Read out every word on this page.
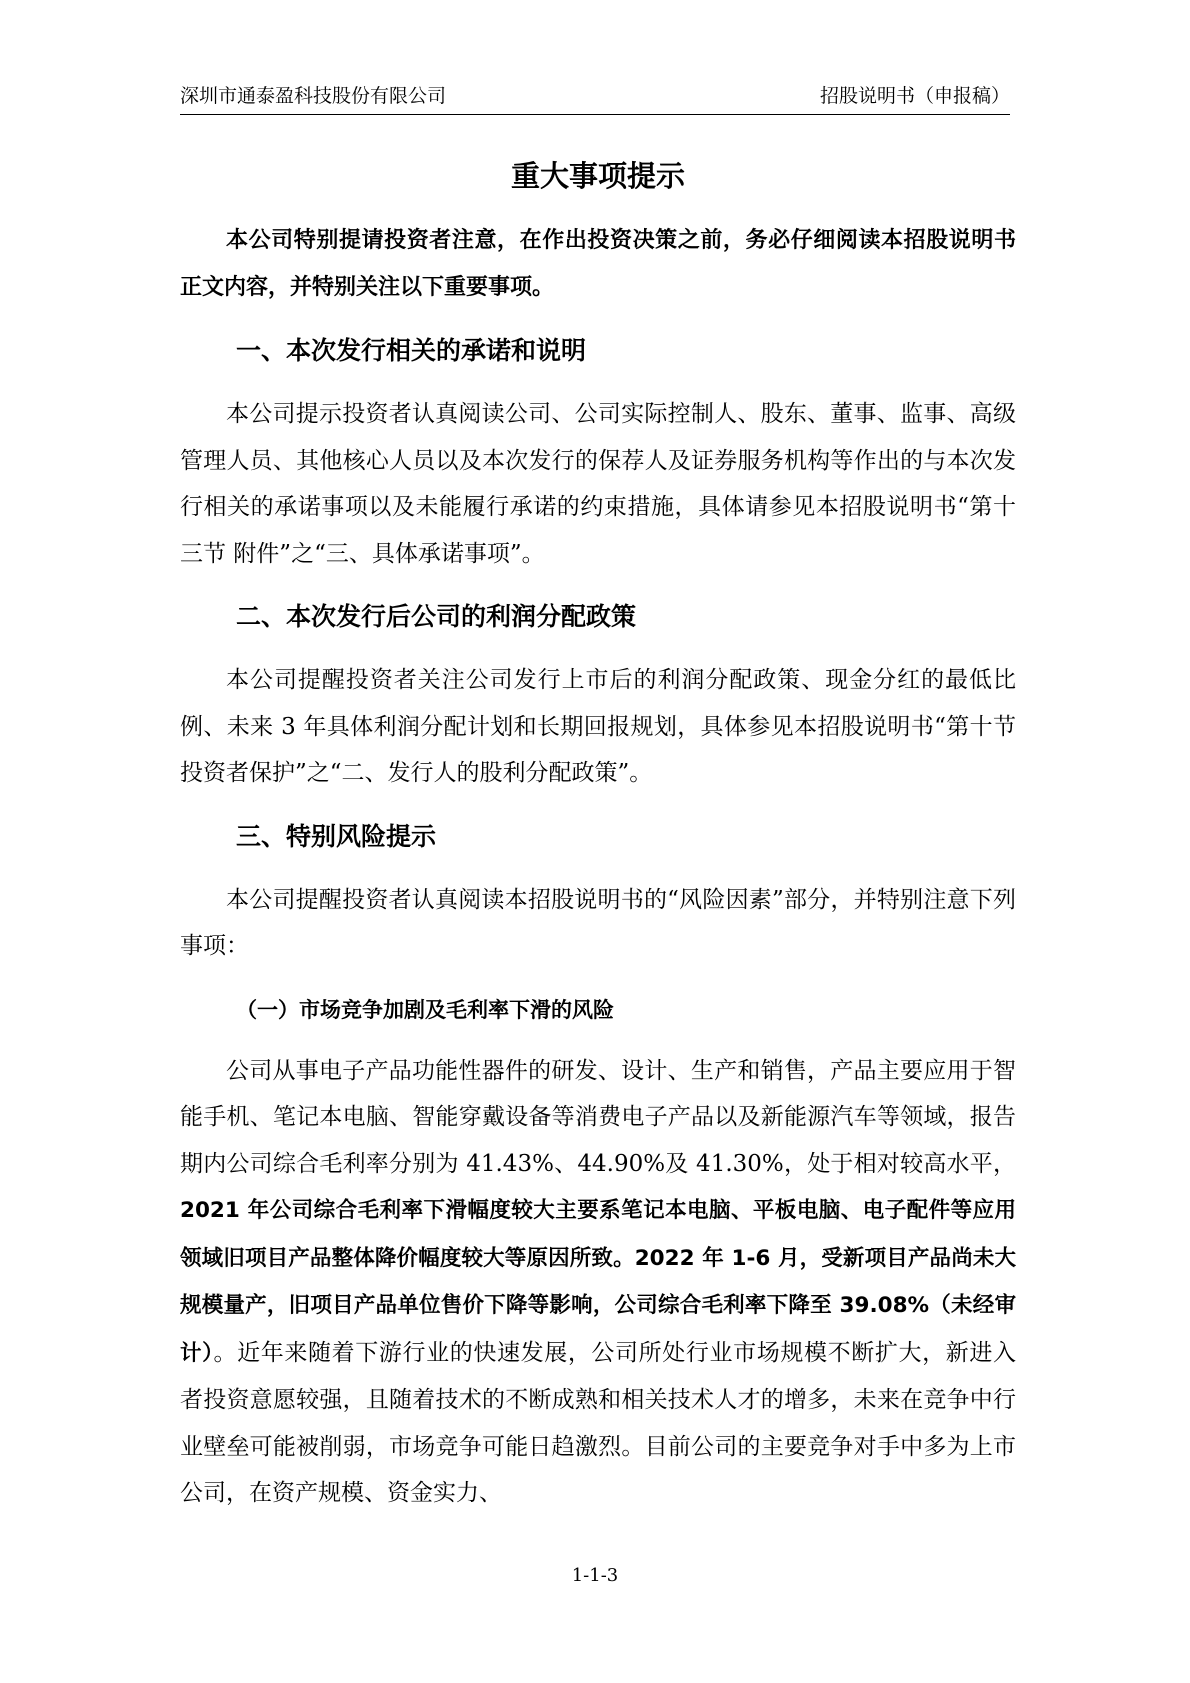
深圳市通泰盈科技股份有限公司	招股说明书（申报稿）
重大事项提示

本公司特别提请投资者注意，在作出投资决策之前，务必仔细阅读本招股说明书正文内容，并特别关注以下重要事项。

一、本次发行相关的承诺和说明

本公司提示投资者认真阅读公司、公司实际控制人、股东、董事、监事、高级管理人员、其他核心人员以及本次发行的保荐人及证券服务机构等作出的与本次发行相关的承诺事项以及未能履行承诺的约束措施，具体请参见本招股说明书“第十三节 附件”之“三、具体承诺事项”。

二、本次发行后公司的利润分配政策

本公司提醒投资者关注公司发行上市后的利润分配政策、现金分红的最低比例、未来 3 年具体利润分配计划和长期回报规划，具体参见本招股说明书“第十节 投资者保护”之“二、发行人的股利分配政策”。

三、特别风险提示

本公司提醒投资者认真阅读本招股说明书的“风险因素”部分，并特别注意下列事项：

（一）市场竞争加剧及毛利率下滑的风险

公司从事电子产品功能性器件的研发、设计、生产和销售，产品主要应用于智能手机、笔记本电脑、智能穿戴设备等消费电子产品以及新能源汽车等领域，报告期内公司综合毛利率分别为 41.43%、44.90%及 41.30%，处于相对较高水平，2021 年公司综合毛利率下滑幅度较大主要系笔记本电脑、平板电脑、电子配件等应用领域旧项目产品整体降价幅度较大等原因所致。2022 年 1-6 月，受新项目产品尚未大规模量产，旧项目产品单位售价下降等影响，公司综合毛利率下降至 39.08%（未经审计）。近年来随着下游行业的快速发展，公司所处行业市场规模不断扩大，新进入者投资意愿较强，且随着技术的不断成熟和相关技术人才的增多，未来在竞争中行业壁垒可能被削弱，市场竞争可能日趋激烈。目前公司的主要竞争对手中多为上市公司，在资产规模、资金实力、

1-1-3
